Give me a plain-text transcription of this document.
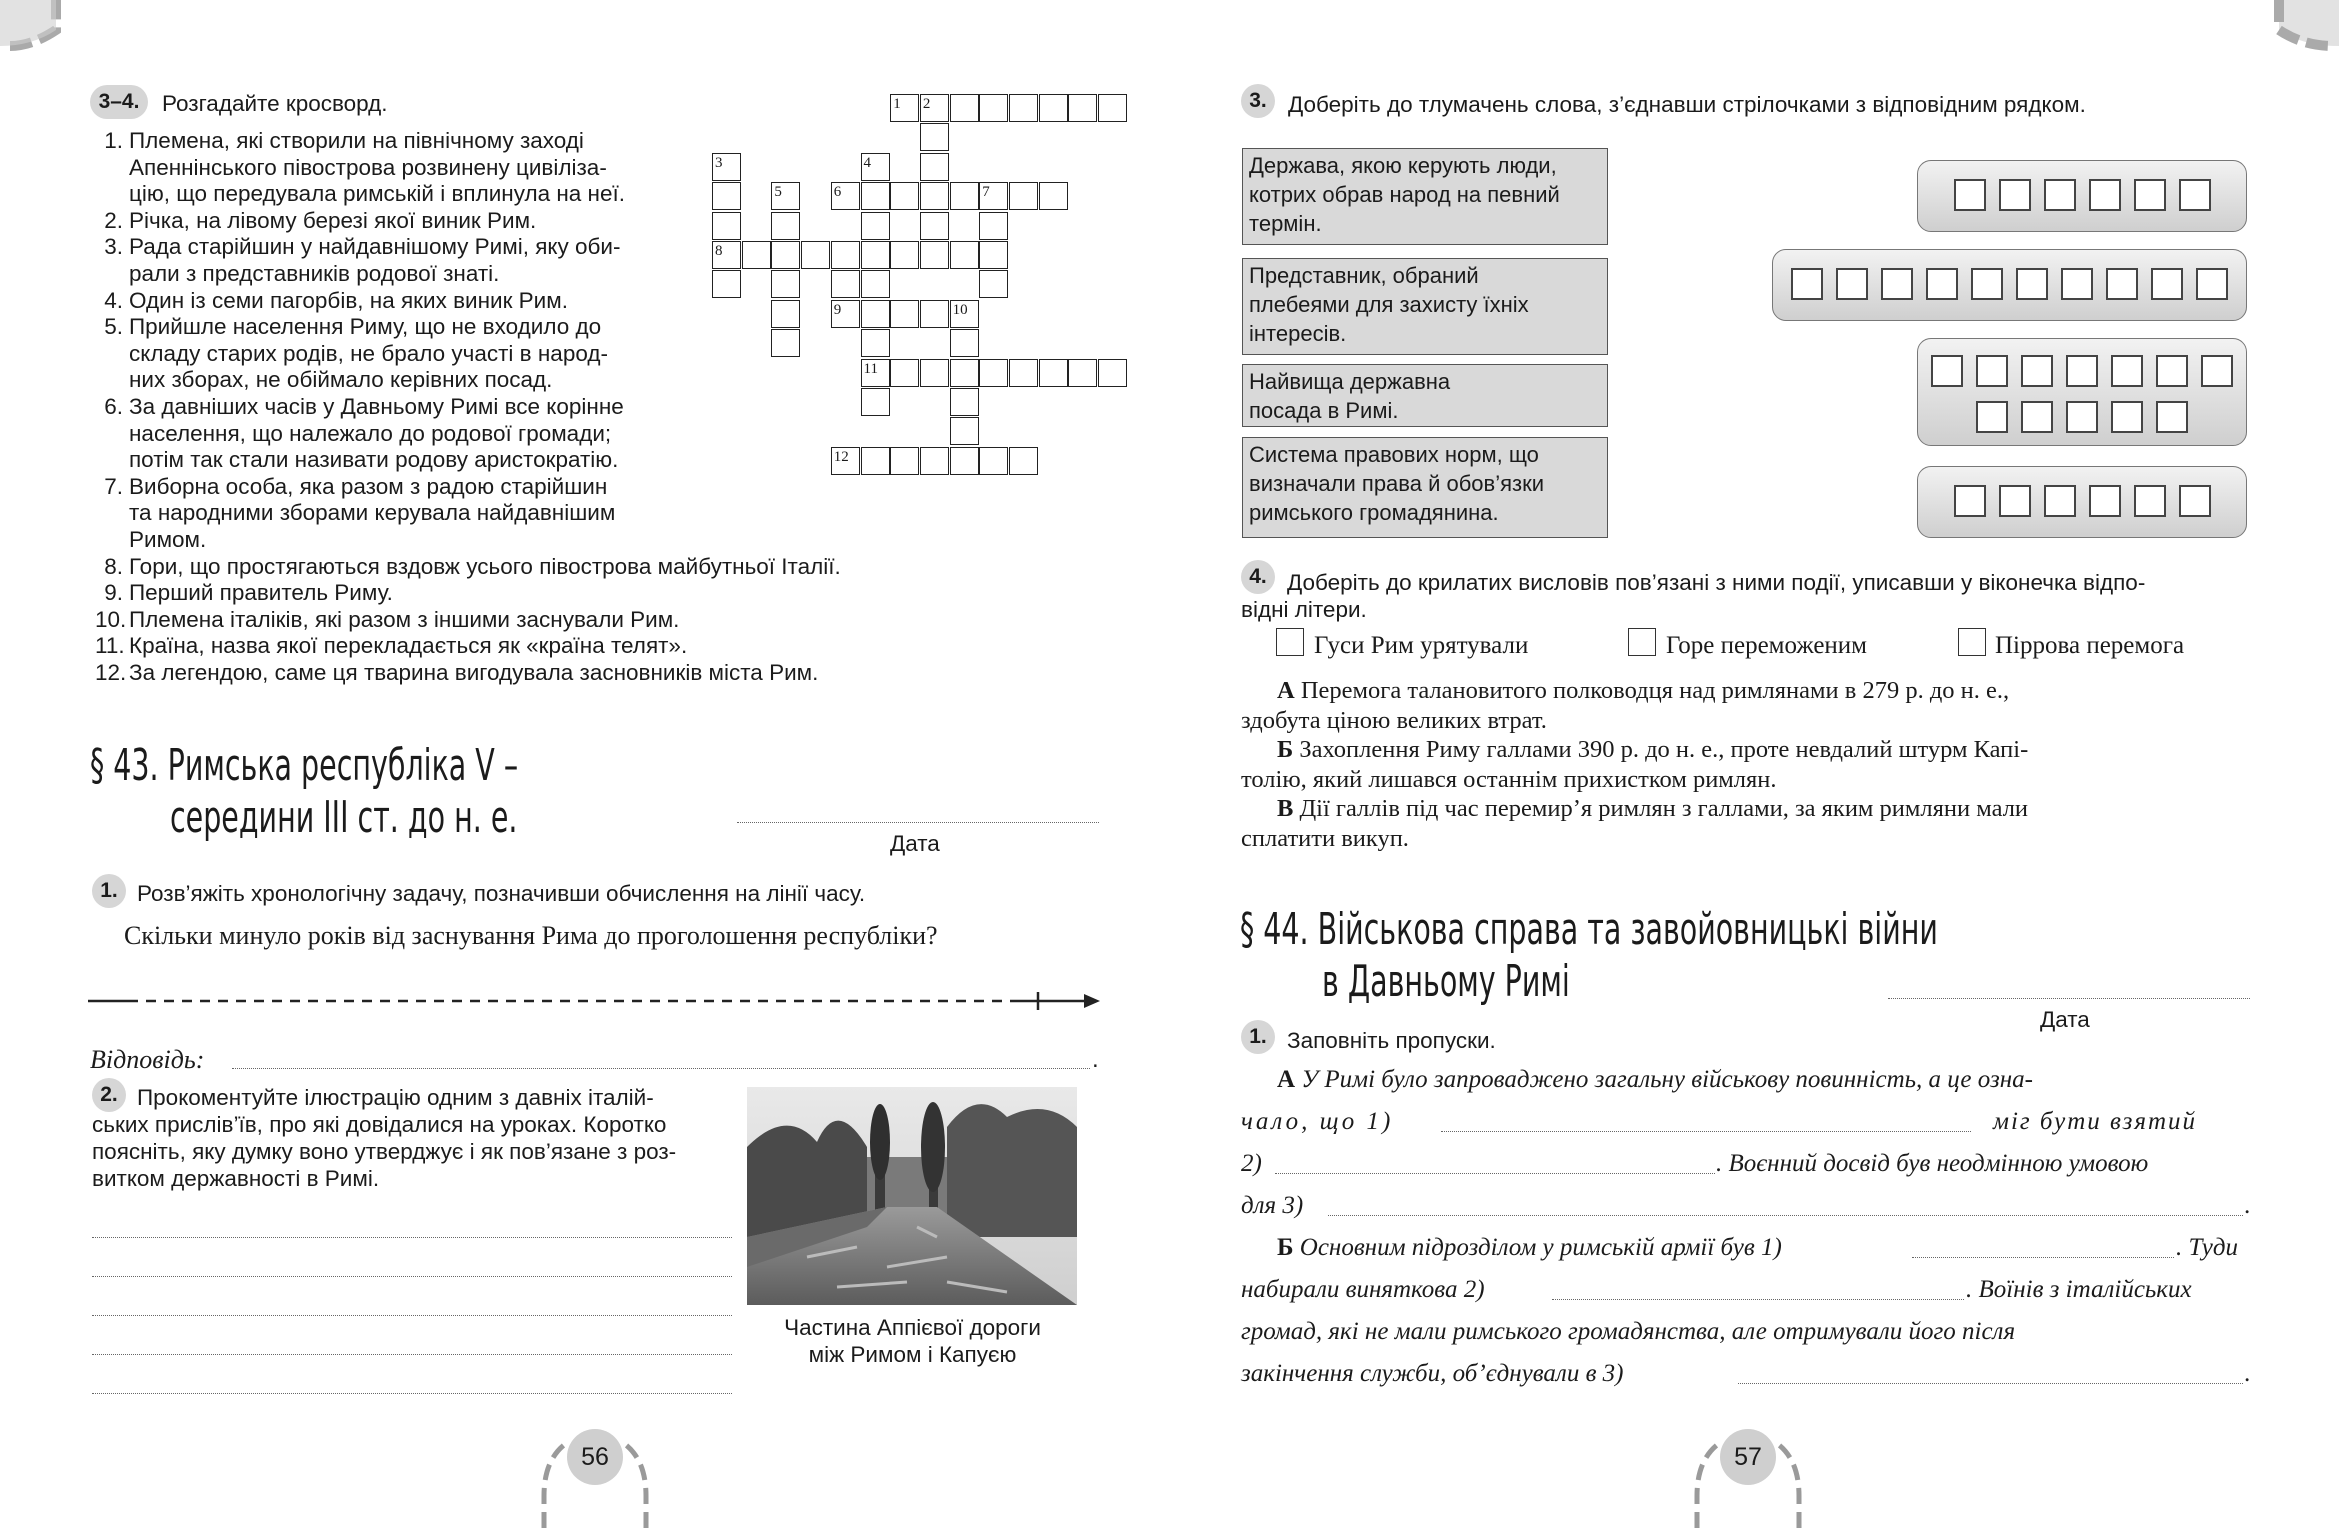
3–4.	Розгадайте кросворд.
1. Племена, які створили на північному заході
Апеннінського півострова розвинену цивіліза-
цію, що передувала римській і вплинула на неї.
2. Річка, на лівому березі якої виник Рим.
3. Рада старійшин у найдавнішому Римі, яку оби-
рали з представників родової знаті.
4. Один із семи пагорбів, на яких виник Рим.
5. Прийшле населення Риму, що не входило до
складу старих родів, не брало участі в народ-
них зборах, не обіймало керівних посад.
6. За давніших часів у Давньому Римі все корінне
населення, що належало до родової громади;
потім так стали називати родову аристократію.
7. Виборна особа, яка разом з радою старійшин
та народними зборами керувала найдавнішим
Римом.
8. Гори, що простягаються вздовж усього півострова майбутньої Італії.
9. Перший правитель Риму.
10. Племена італіків, які разом з іншими заснували Рим.
11. Країна, назва якої перекладається як «країна телят».
12. За легендою, саме ця тварина вигодувала засновників міста Рим.
1 2
3	4
5	6	7
8
9	10
11
12
§ 43. Римська республіка V –
середини ІІІ ст. до н. е.
Дата
1. Розв’яжіть хронологічну задачу, позначивши обчислення на лінії часу.
Скільки минуло років від заснування Рима до проголошення республіки?
Відповідь:	.
2. Прокоментуйте ілюстрацію одним з давніх італій-
ських прислів’їв, про які довідалися на уроках. Коротко
поясніть, яку думку воно утверджує і як пов’язане з роз-
витком державності в Римі.
Частина Аппієвої дороги
між Римом і Капуєю
56
3. Доберіть до тлумачень слова, з’єднавши стрілочками з відповідним рядком.
Держава, якою керують люди,
котрих обрав народ на певний
термін.
Представник, обраний
плебеями для захисту їхніх
інтересів.
Найвища державна
посада в Римі.
Система правових норм, що
визначали права й обов’язки
римського громадянина.
4. Доберіть до крилатих висловів пов’язані з ними події, уписавши у віконечка відпо-
відні літери.
Гуси Рим урятували	Горе переможеним	Піррова перемога
А Перемога талановитого полководця над римлянами в 279 р. до н. е.,
здобута ціною великих втрат.
Б Захоплення Риму галлами 390 р. до н. е., проте невдалий штурм Капі-
толію, який лишався останнім прихистком римлян.
В Дії галлів під час перемир’я римлян з галлами, за яким римляни мали
сплатити викуп.
§ 44. Військова справа та завойовницькі війни
в Давньому Римі
Дата
1. Заповніть пропуски.
А У Римі було запроваджено загальну військову повинність, а це озна-
чало, що 1)	міг бути взятий
2)	. Воєнний досвід був неодмінною умовою
для 3)	.
Б Основним підрозділом у римській армії був 1)	. Туди
набирали виняткова 2)	. Воїнів з італійських
громад, які не мали римського громадянства, але отримували його після
закінчення служби, об’єднували в 3)	.
57
